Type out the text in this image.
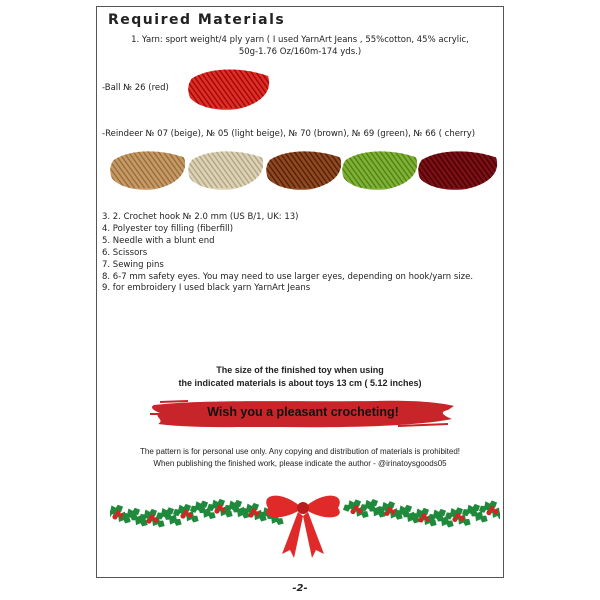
Required Materials
1. Yarn: sport weight/4 ply yarn ( I used YarnArt Jeans , 55%cotton, 45% acrylic,
50g-1.76 Oz/160m-174 yds.)
-Ball № 26 (red)
-Reindeer № 07 (beige), № 05 (light beige), № 70 (brown), № 69 (green), № 66 ( cherry)
3. 2. Crochet hook № 2.0 mm (US B/1, UK: 13)
4. Polyester toy filling (fiberfill)
5. Needle with a blunt end
6. Scissors
7. Sewing pins
8. 6-7 mm safety eyes. You may need to use larger eyes, depending on hook/yarn size.
9. for embroidery I used black yarn YarnArt Jeans
The size of the finished toy when using
the indicated materials is about toys 13 cm ( 5.12 inches)
Wish you a pleasant crocheting!
The pattern is for personal use only. Any copying and distribution of materials is prohibited!
When publishing the finished work, please indicate the author - @irinatoysgoods05
-2-
